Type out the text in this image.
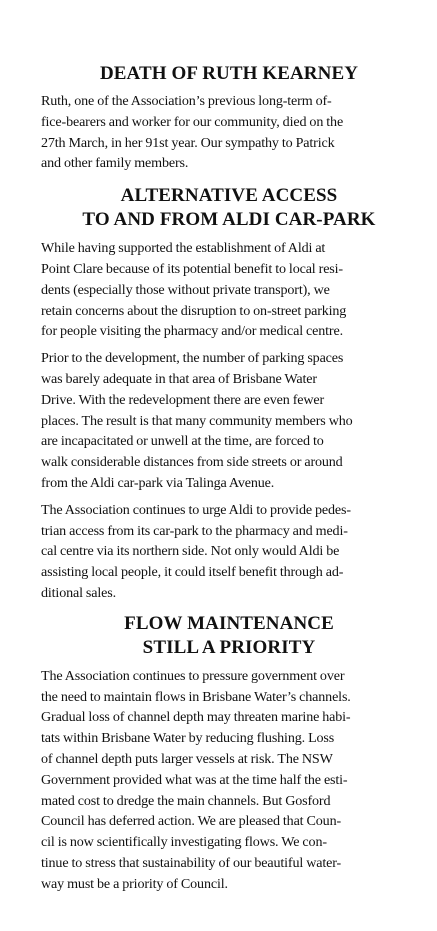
DEATH OF RUTH KEARNEY

Ruth, one of the Association’s previous long-term of-
fice-bearers and worker for our community, died on the
27th March, in her 91st year. Our sympathy to Patrick
and other family members.

ALTERNATIVE ACCESS
TO AND FROM ALDI CAR-PARK

While having supported the establishment of Aldi at
Point Clare because of its potential benefit to local resi-
dents (especially those without private transport), we
retain concerns about the disruption to on-street parking
for people visiting the pharmacy and/or medical centre.

Prior to the development, the number of parking spaces
was barely adequate in that area of Brisbane Water
Drive. With the redevelopment there are even fewer
places. The result is that many community members who
are incapacitated or unwell at the time, are forced to
walk considerable distances from side streets or around
from the Aldi car-park via Talinga Avenue.

The Association continues to urge Aldi to provide pedes-
trian access from its car-park to the pharmacy and medi-
cal centre via its northern side. Not only would Aldi be
assisting local people, it could itself benefit through ad-
ditional sales.

FLOW MAINTENANCE
STILL A PRIORITY

The Association continues to pressure government over
the need to maintain flows in Brisbane Water’s channels.
Gradual loss of channel depth may threaten marine habi-
tats within Brisbane Water by reducing flushing. Loss
of channel depth puts larger vessels at risk. The NSW
Government provided what was at the time half the esti-
mated cost to dredge the main channels. But Gosford
Council has deferred action. We are pleased that Coun-
cil is now scientifically investigating flows. We con-
tinue to stress that sustainability of our beautiful water-
way must be a priority of Council.
